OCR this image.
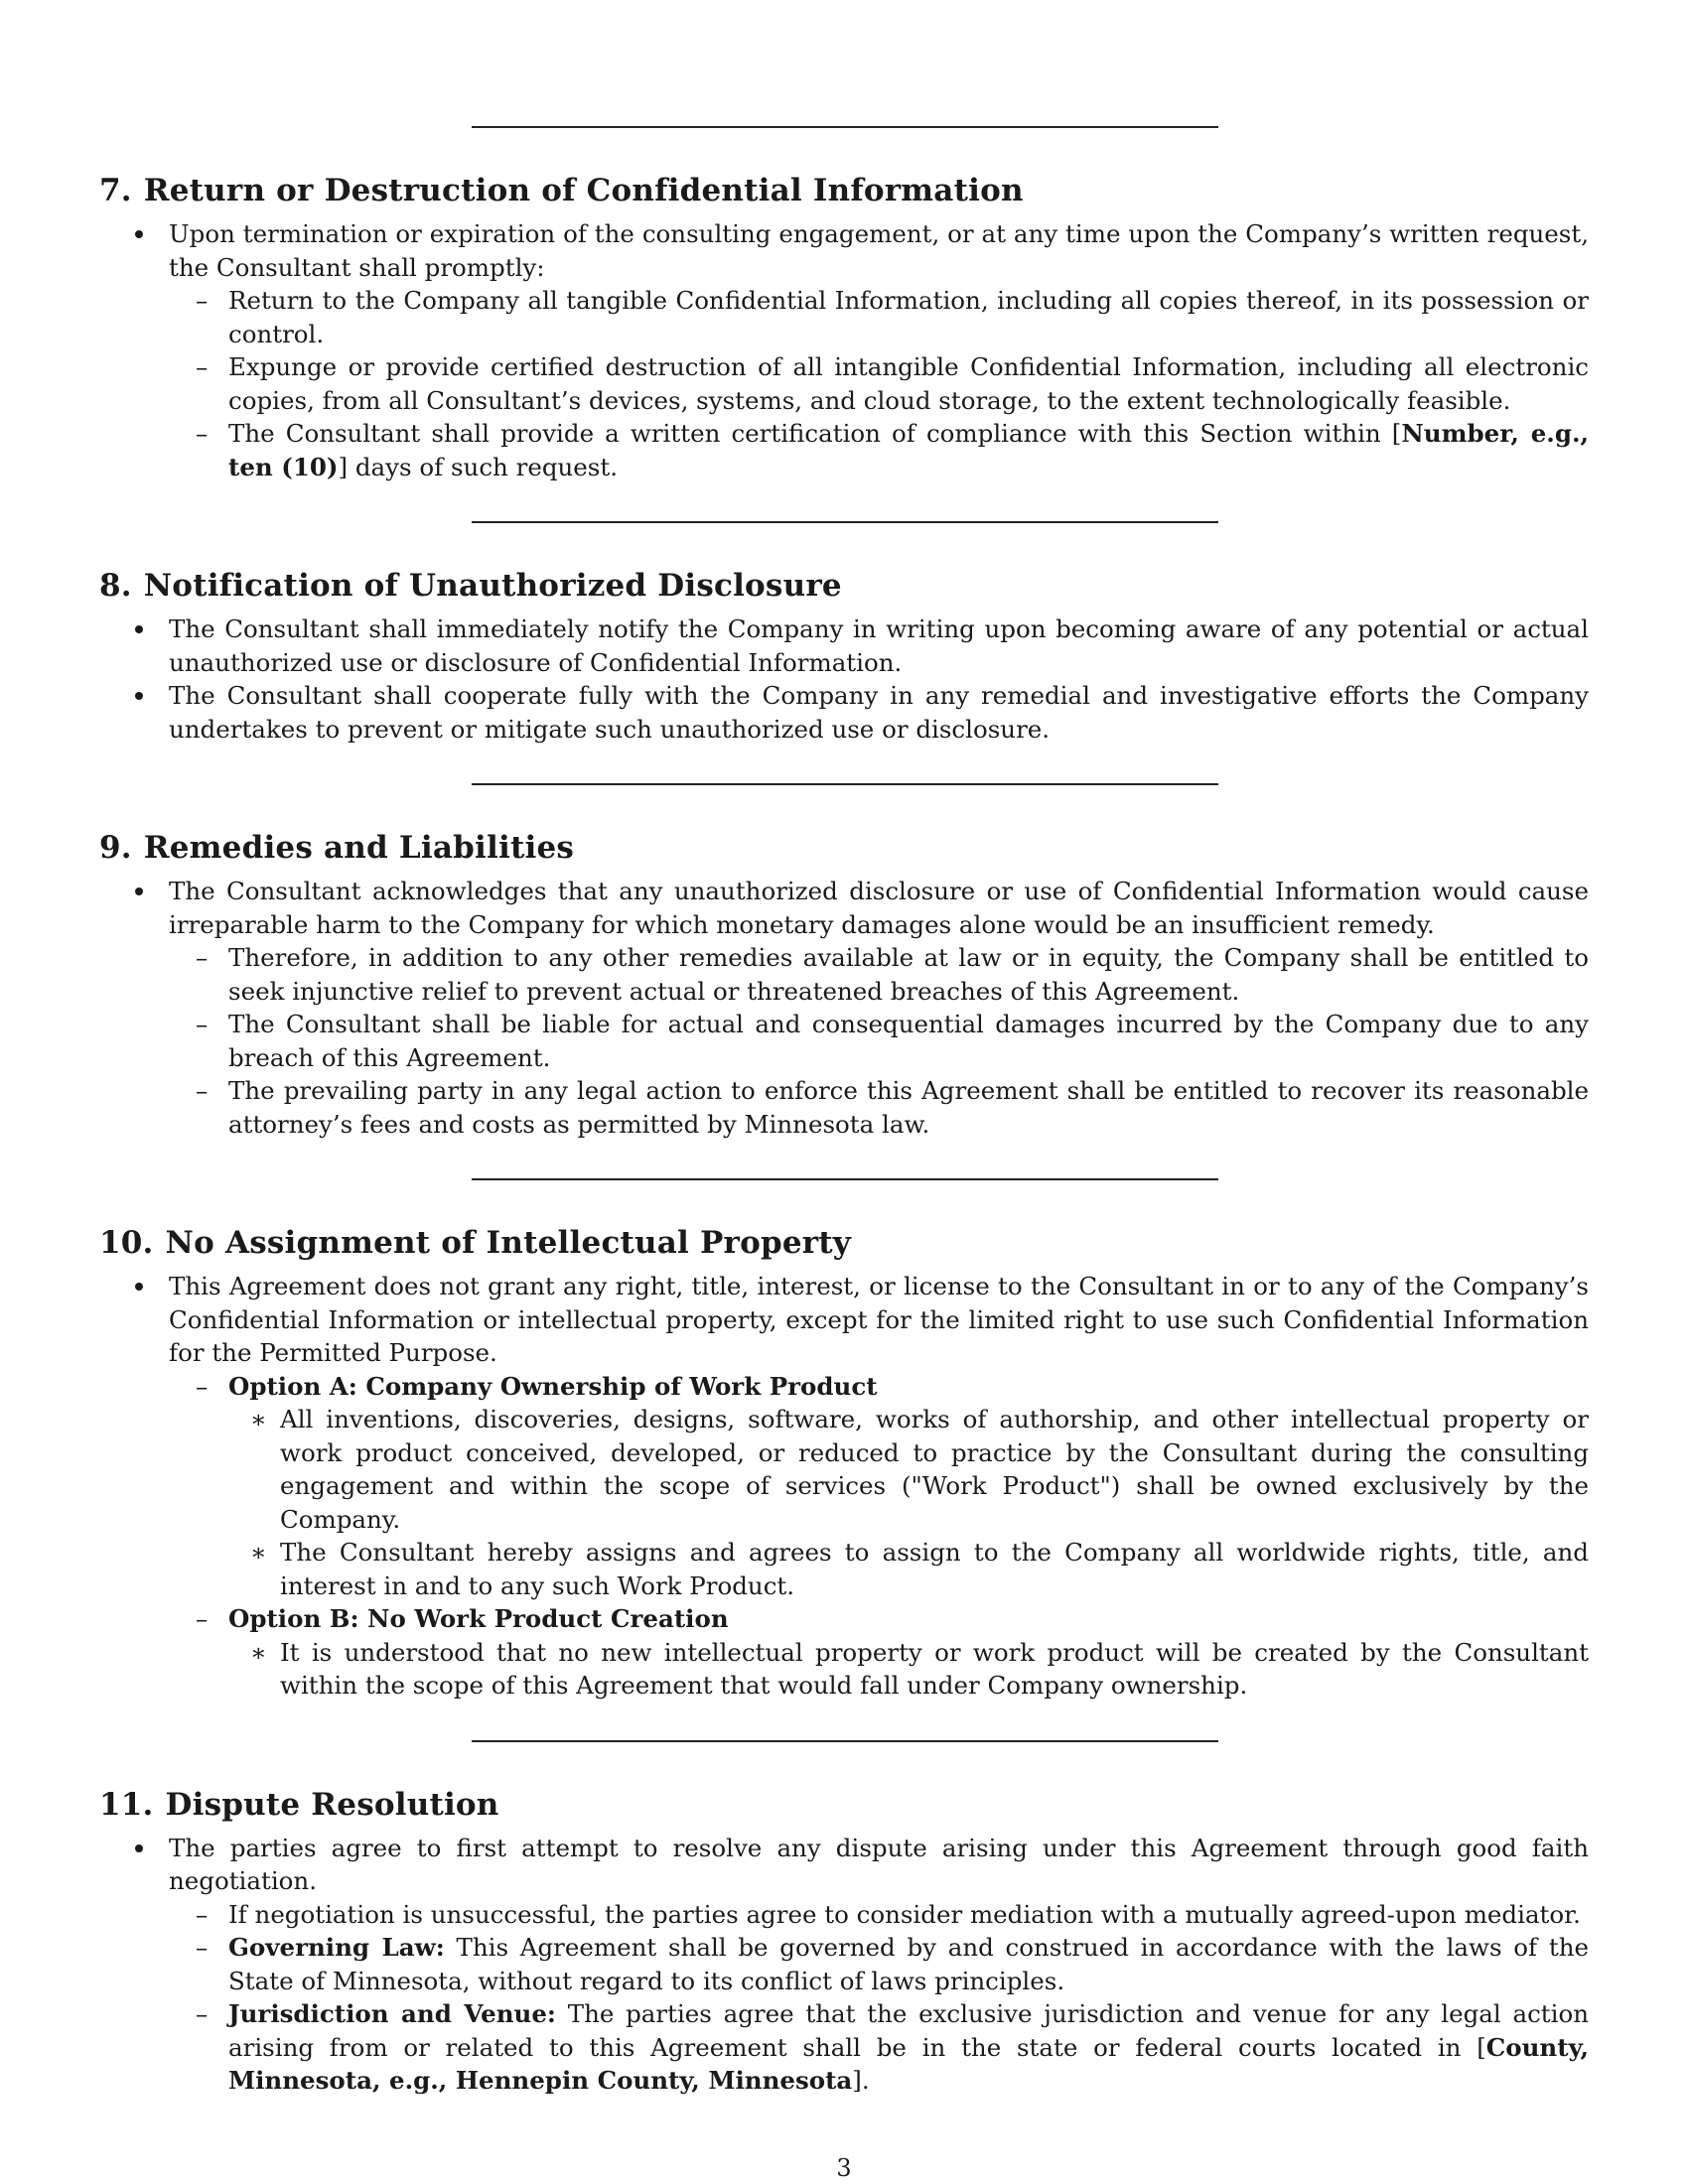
7. Return or Destruction of Confidential Information
Upon termination or expiration of the consulting engagement, or at any time upon the Company’s written request, the Consultant shall promptly:
– Return to the Company all tangible Confidential Information, including all copies thereof, in its possession or control.
– Expunge or provide certified destruction of all intangible Confidential Information, including all electronic copies, from all Consultant’s devices, systems, and cloud storage, to the extent technologically feasible.
– The Consultant shall provide a written certification of compliance with this Section within [Number, e.g., ten (10)] days of such request.
8. Notification of Unauthorized Disclosure
The Consultant shall immediately notify the Company in writing upon becoming aware of any potential or actual unauthorized use or disclosure of Confidential Information.
The Consultant shall cooperate fully with the Company in any remedial and investigative efforts the Company undertakes to prevent or mitigate such unauthorized use or disclosure.
9. Remedies and Liabilities
The Consultant acknowledges that any unauthorized disclosure or use of Confidential Information would cause irreparable harm to the Company for which monetary damages alone would be an insufficient remedy.
– Therefore, in addition to any other remedies available at law or in equity, the Company shall be entitled to seek injunctive relief to prevent actual or threatened breaches of this Agreement.
– The Consultant shall be liable for actual and consequential damages incurred by the Company due to any breach of this Agreement.
– The prevailing party in any legal action to enforce this Agreement shall be entitled to recover its reasonable attorney’s fees and costs as permitted by Minnesota law.
10. No Assignment of Intellectual Property
This Agreement does not grant any right, title, interest, or license to the Consultant in or to any of the Company’s Confidential Information or intellectual property, except for the limited right to use such Confidential Information for the Permitted Purpose.
– Option A: Company Ownership of Work Product
∗ All inventions, discoveries, designs, software, works of authorship, and other intellectual property or work product conceived, developed, or reduced to practice by the Consultant during the consulting engagement and within the scope of services ("Work Product") shall be owned exclusively by the Company.
∗ The Consultant hereby assigns and agrees to assign to the Company all worldwide rights, title, and interest in and to any such Work Product.
– Option B: No Work Product Creation
∗ It is understood that no new intellectual property or work product will be created by the Consultant within the scope of this Agreement that would fall under Company ownership.
11. Dispute Resolution
The parties agree to first attempt to resolve any dispute arising under this Agreement through good faith negotiation.
– If negotiation is unsuccessful, the parties agree to consider mediation with a mutually agreed-upon mediator.
– Governing Law: This Agreement shall be governed by and construed in accordance with the laws of the State of Minnesota, without regard to its conflict of laws principles.
– Jurisdiction and Venue: The parties agree that the exclusive jurisdiction and venue for any legal action arising from or related to this Agreement shall be in the state or federal courts located in [County, Minnesota, e.g., Hennepin County, Minnesota].
3
